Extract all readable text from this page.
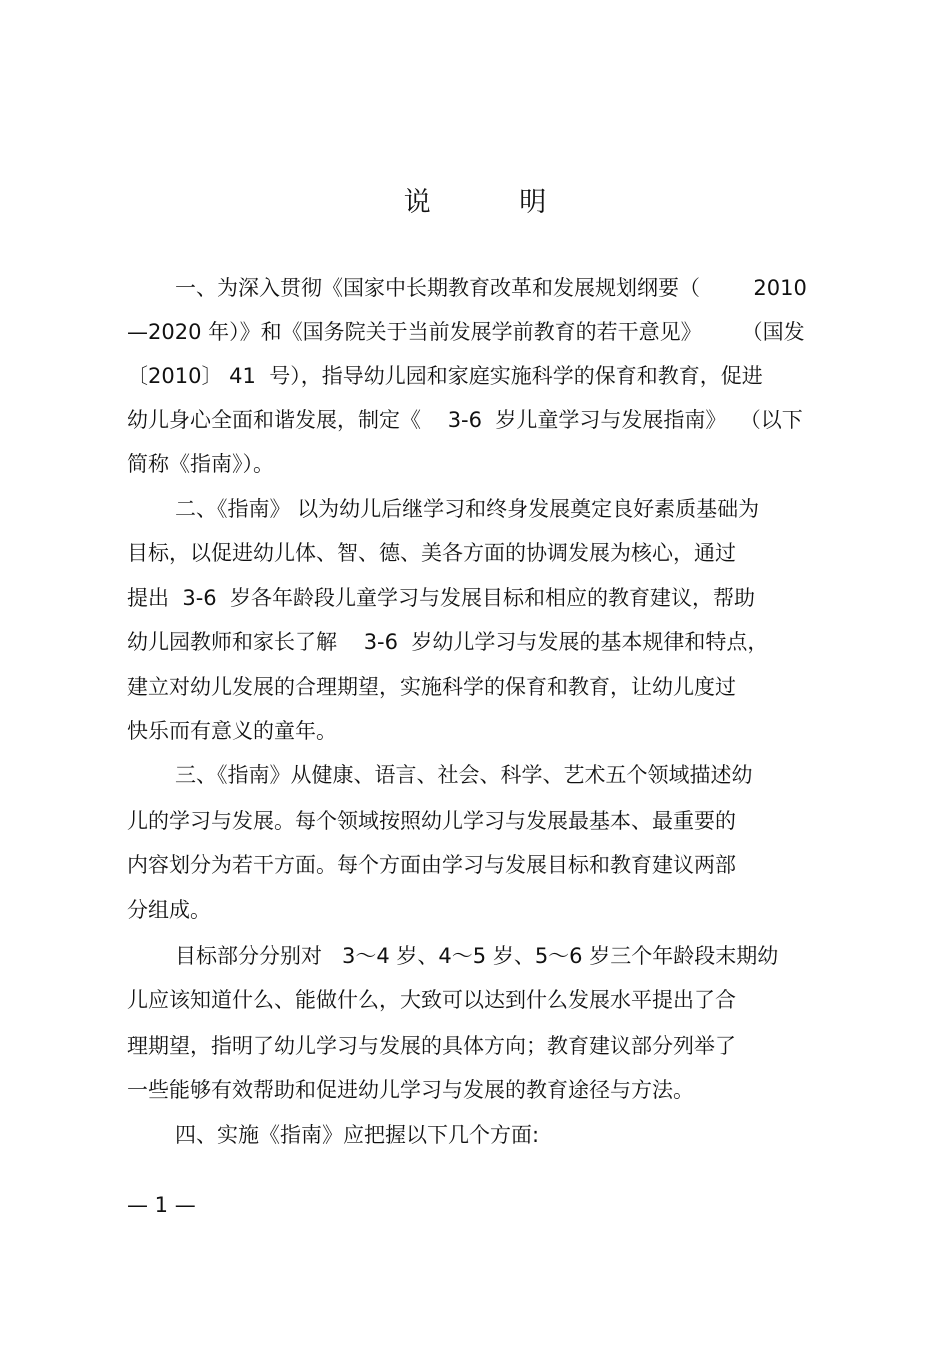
说 明

一、为深入贯彻《国家中长期教育改革和发展规划纲要（        2010

—2020 年）》和《国务院关于当前发展学前教育的若干意见》      （国发

〔2010〕 41  号），指导幼儿园和家庭实施科学的保育和教育，促进

幼儿身心全面和谐发展，制定《    3-6  岁儿童学习与发展指南》  （以下

简称《指南》）。

二、《指南》 以为幼儿后继学习和终身发展奠定良好素质基础为

目标，以促进幼儿体、智、德、美各方面的协调发展为核心，通过

提出  3-6  岁各年龄段儿童学习与发展目标和相应的教育建议，帮助

幼儿园教师和家长了解    3-6  岁幼儿学习与发展的基本规律和特点，

建立对幼儿发展的合理期望，实施科学的保育和教育，让幼儿度过

快乐而有意义的童年。

三、《指南》从健康、语言、社会、科学、艺术五个领域描述幼

儿的学习与发展。每个领域按照幼儿学习与发展最基本、最重要的

内容划分为若干方面。每个方面由学习与发展目标和教育建议两部

分组成。

目标部分分别对   3～4 岁、4～5 岁、5～6 岁三个年龄段末期幼

儿应该知道什么、能做什么，大致可以达到什么发展水平提出了合

理期望，指明了幼儿学习与发展的具体方向；教育建议部分列举了

一些能够有效帮助和促进幼儿学习与发展的教育途径与方法。

四、实施《指南》应把握以下几个方面:

— 1 —
